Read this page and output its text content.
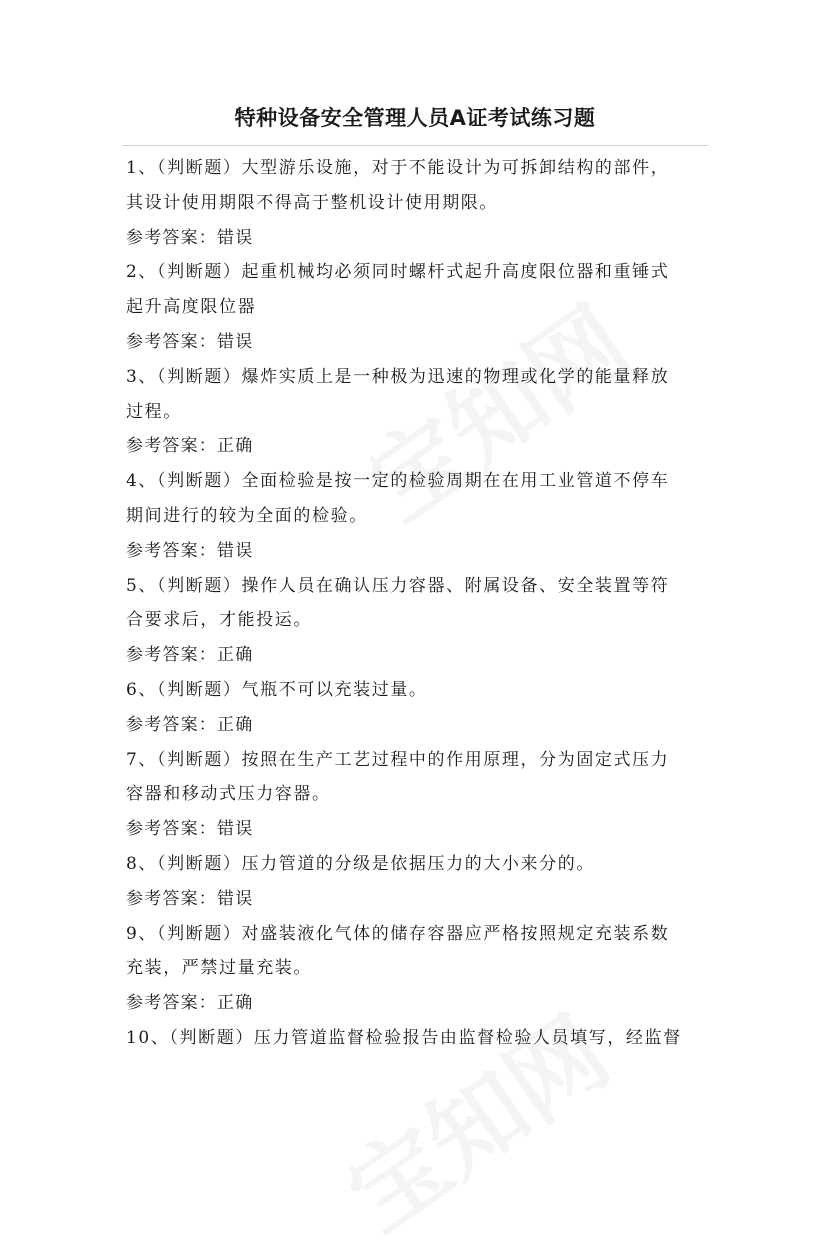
特种设备安全管理人员A证考试练习题
1、（判断题）大型游乐设施，对于不能设计为可拆卸结构的部件，
其设计使用期限不得高于整机设计使用期限。
参考答案：错误
2、（判断题）起重机械均必须同时螺杆式起升高度限位器和重锤式
起升高度限位器
参考答案：错误
3、（判断题）爆炸实质上是一种极为迅速的物理或化学的能量释放
过程。
参考答案：正确
4、（判断题）全面检验是按一定的检验周期在在用工业管道不停车
期间进行的较为全面的检验。
参考答案：错误
5、（判断题）操作人员在确认压力容器、附属设备、安全装置等符
合要求后，才能投运。
参考答案：正确
6、（判断题）气瓶不可以充装过量。
参考答案：正确
7、（判断题）按照在生产工艺过程中的作用原理，分为固定式压力
容器和移动式压力容器。
参考答案：错误
8、（判断题）压力管道的分级是依据压力的大小来分的。
参考答案：错误
9、（判断题）对盛装液化气体的储存容器应严格按照规定充装系数
充装，严禁过量充装。
参考答案：正确
10、（判断题）压力管道监督检验报告由监督检验人员填写，经监督
